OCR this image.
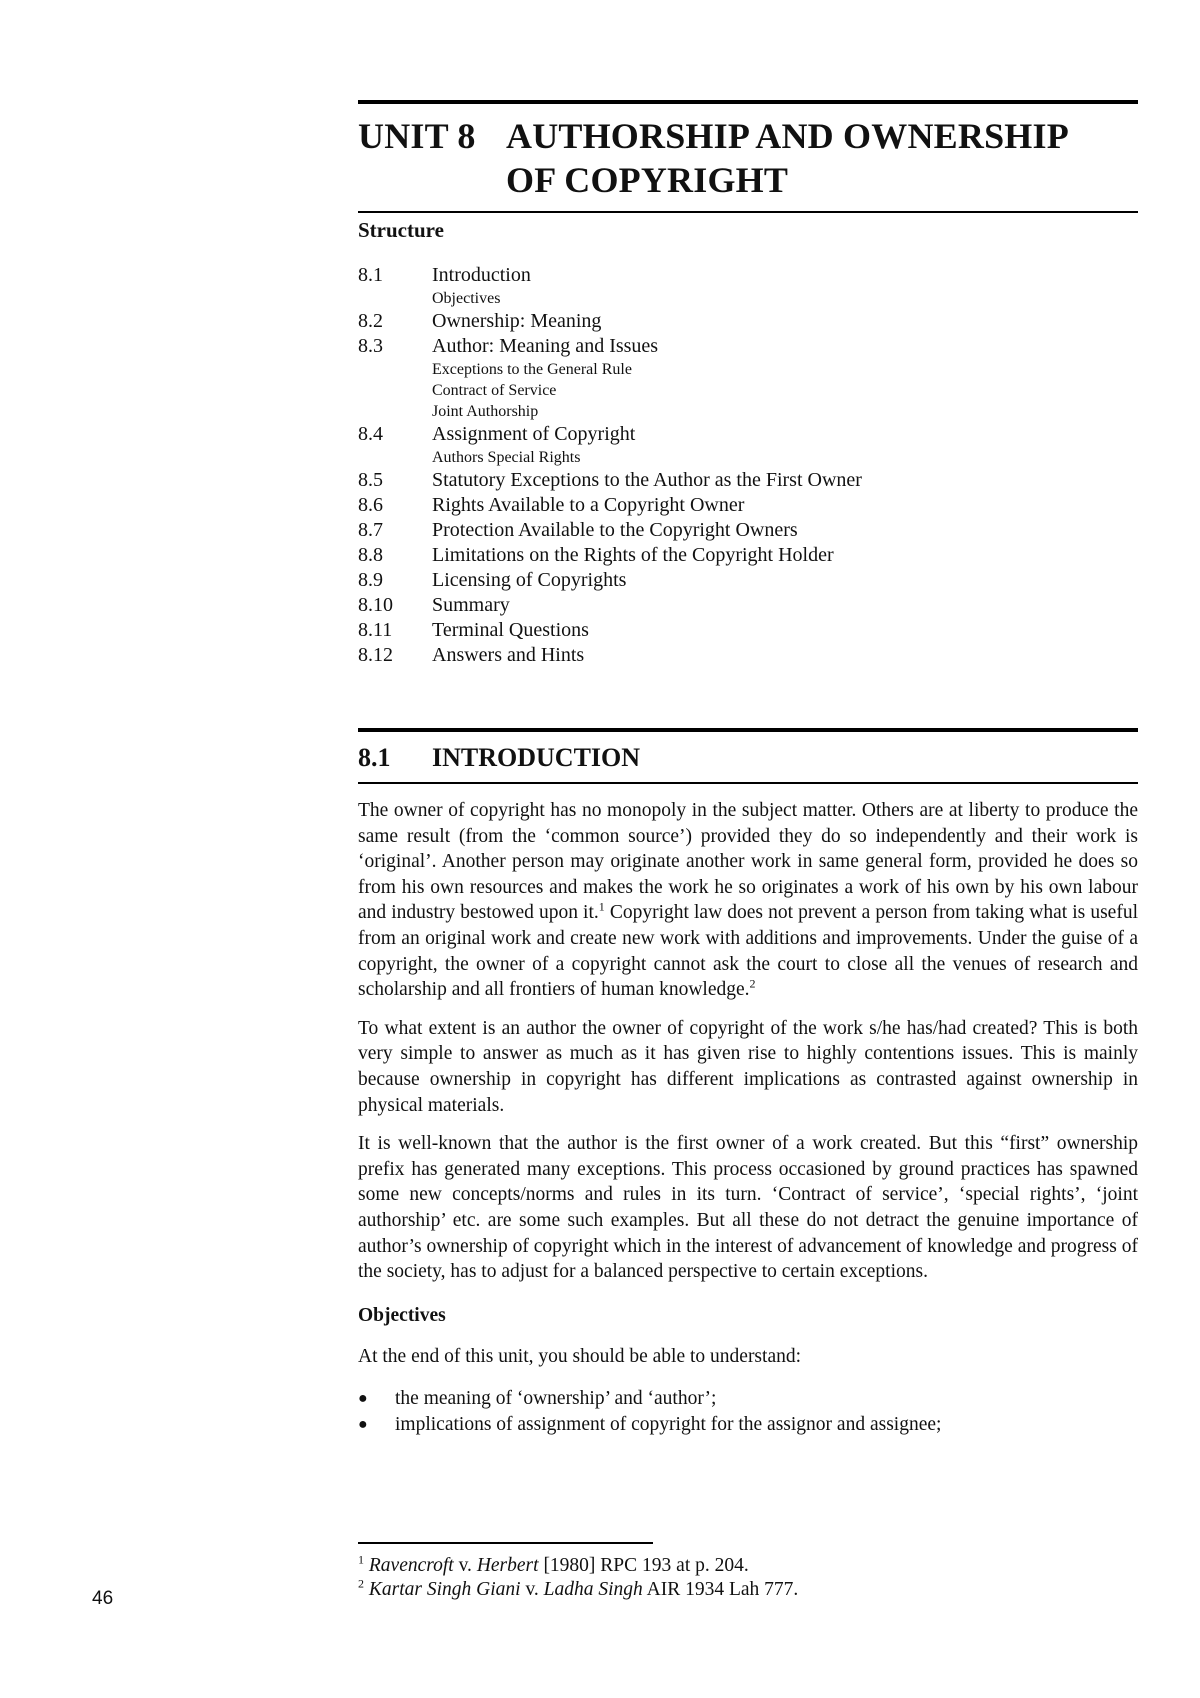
UNIT 8 AUTHORSHIP AND OWNERSHIP
OF COPYRIGHT
Structure
8.1	Introduction
Objectives
8.2	Ownership: Meaning
8.3	Author: Meaning and Issues
Exceptions to the General Rule
Contract of Service
Joint Authorship
8.4	Assignment of Copyright
Authors Special Rights
8.5	Statutory Exceptions to the Author as the First Owner
8.6	Rights Available to a Copyright Owner
8.7	Protection Available to the Copyright Owners
8.8	Limitations on the Rights of the Copyright Holder
8.9	Licensing of Copyrights
8.10	Summary
8.11	Terminal Questions
8.12	Answers and Hints
8.1	INTRODUCTION

The owner of copyright has no monopoly in the subject matter. Others are at liberty to produce the same result (from the ‘common source’) provided they do so independently and their work is ‘original’. Another person may originate another work in same general form, provided he does so from his own resources and makes the work he so originates a work of his own by his own labour and industry bestowed upon it.$^1$ Copyright law does not prevent a person from taking what is useful from an original work and create new work with additions and improvements. Under the guise of a copyright, the owner of a copyright cannot ask the court to close all the venues of research and scholarship and all frontiers of human knowledge.$^2$

To what extent is an author the owner of copyright of the work s/he has/had created? This is both very simple to answer as much as it has given rise to highly contentions issues. This is mainly because ownership in copyright has different implications as contrasted against ownership in physical materials.

It is well-known that the author is the first owner of a work created. But this “first” ownership prefix has generated many exceptions. This process occasioned by ground practices has spawned some new concepts/norms and rules in its turn. ‘Contract of service’, ‘special rights’, ‘joint authorship’ etc. are some such examples. But all these do not detract the genuine importance of author’s ownership of copyright which in the interest of advancement of knowledge and progress of the society, has to adjust for a balanced perspective to certain exceptions.

Objectives

At the end of this unit, you should be able to understand:

●	the meaning of ‘ownership’ and ‘author’;
●	implications of assignment of copyright for the assignor and assignee;
$^1$ Ravencroft v. Herbert [1980] RPC 193 at p. 204.
$^2$ Kartar Singh Giani v. Ladha Singh AIR 1934 Lah 777.
46
